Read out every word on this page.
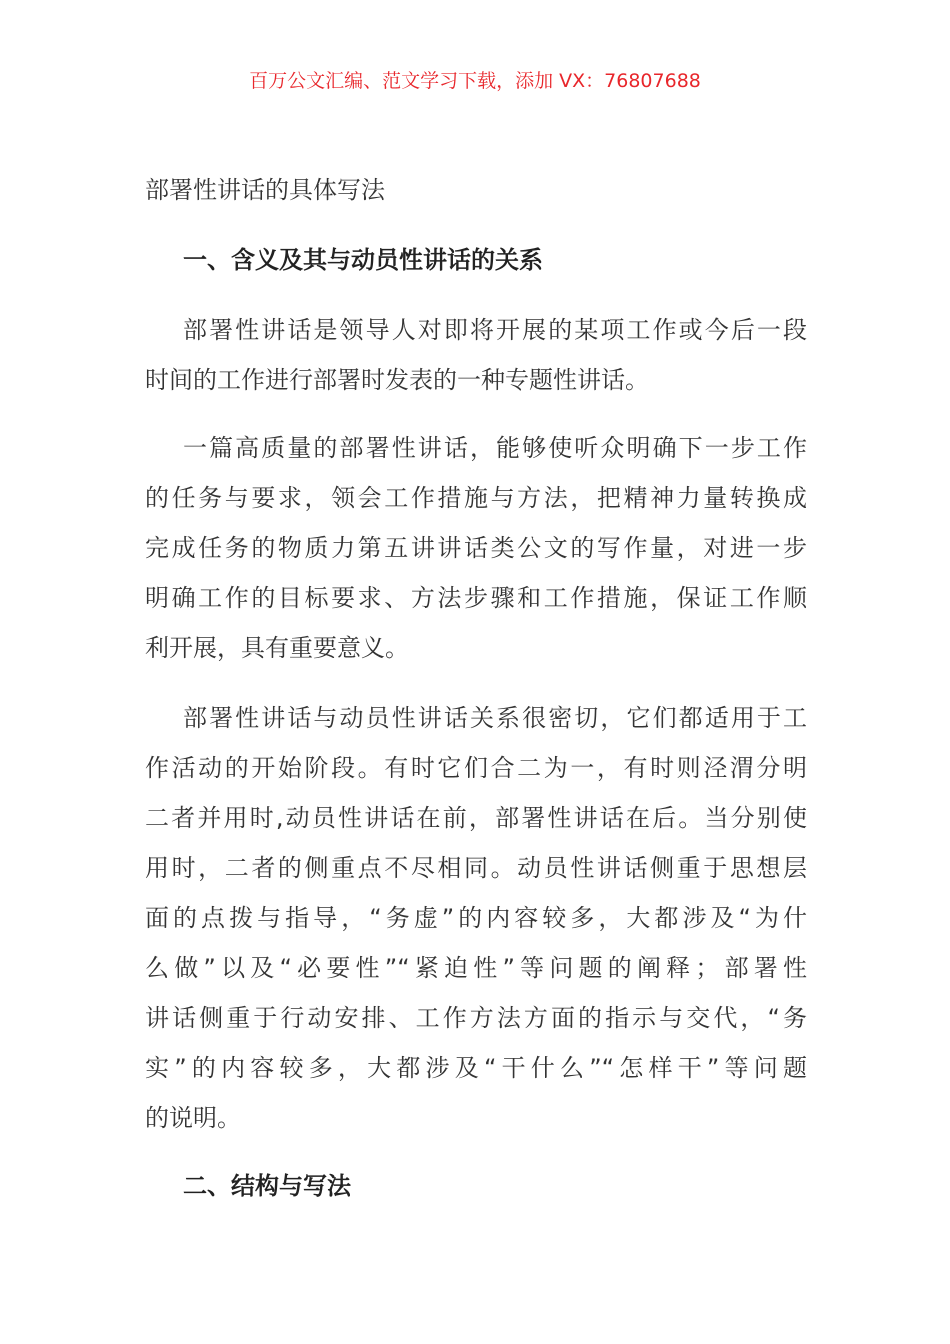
百万公文汇编、范文学习下载，添加 VX：76807688
部署性讲话的具体写法
一、含义及其与动员性讲话的关系
部署性讲话是领导人对即将开展的某项工作或今后一段
时间的工作进行部署时发表的一种专题性讲话。
一篇高质量的部署性讲话，能够使听众明确下一步工作
的任务与要求，领会工作措施与方法，把精神力量转换成
完成任务的物质力第五讲讲话类公文的写作量，对进一步
明确工作的目标要求、方法步骤和工作措施，保证工作顺
利开展，具有重要意义。
部署性讲话与动员性讲话关系很密切，它们都适用于工
作活动的开始阶段。有时它们合二为一，有时则泾渭分明
二者并用时,动员性讲话在前，部署性讲话在后。当分别使
用时，二者的侧重点不尽相同。动员性讲话侧重于思想层
面的点拨与指导，“务虚”的内容较多，大都涉及“为什
么做”以及“必要性”“紧迫性”等问题的阐释；部署性
讲话侧重于行动安排、工作方法方面的指示与交代，“务
实”的内容较多，大都涉及“干什么”“怎样干”等问题
的说明。
二、结构与写法
